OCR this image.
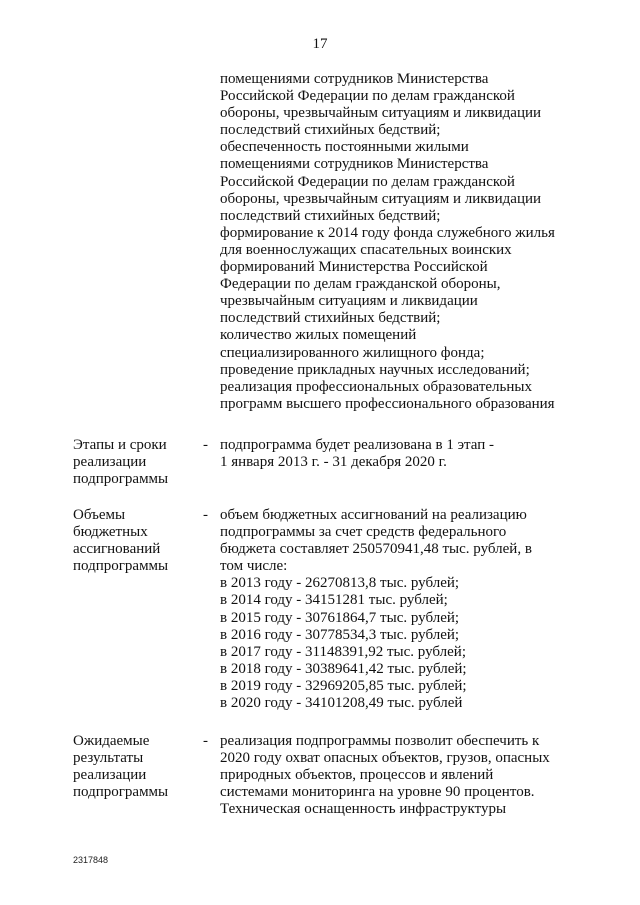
17
помещениями сотрудников Министерства
Российской Федерации по делам гражданской
обороны, чрезвычайным ситуациям и ликвидации
последствий стихийных бедствий;
обеспеченность постоянными жилыми
помещениями сотрудников Министерства
Российской Федерации по делам гражданской
обороны, чрезвычайным ситуациям и ликвидации
последствий стихийных бедствий;
формирование к 2014 году фонда служебного жилья
для военнослужащих спасательных воинских
формирований Министерства Российской
Федерации по делам гражданской обороны,
чрезвычайным ситуациям и ликвидации
последствий стихийных бедствий;
количество жилых помещений
специализированного жилищного фонда;
проведение прикладных научных исследований;
реализация профессиональных образовательных
программ высшего профессионального образования
Этапы и сроки
реализации
подпрограммы
- подпрограмма будет реализована в 1 этап -
1 января 2013 г. - 31 декабря 2020 г.
Объемы
бюджетных
ассигнований
подпрограммы
- объем бюджетных ассигнований на реализацию
подпрограммы за счет средств федерального
бюджета составляет 250570941,48 тыс. рублей, в
том числе:
в 2013 году - 26270813,8 тыс. рублей;
в 2014 году - 34151281 тыс. рублей;
в 2015 году - 30761864,7 тыс. рублей;
в 2016 году - 30778534,3 тыс. рублей;
в 2017 году - 31148391,92 тыс. рублей;
в 2018 году - 30389641,42 тыс. рублей;
в 2019 году - 32969205,85 тыс. рублей;
в 2020 году - 34101208,49 тыс. рублей
Ожидаемые
результаты
реализации
подпрограммы
- реализация подпрограммы позволит обеспечить к
2020 году охват опасных объектов, грузов, опасных
природных объектов, процессов и явлений
системами мониторинга на уровне 90 процентов.
Техническая оснащенность инфраструктуры
2317848
